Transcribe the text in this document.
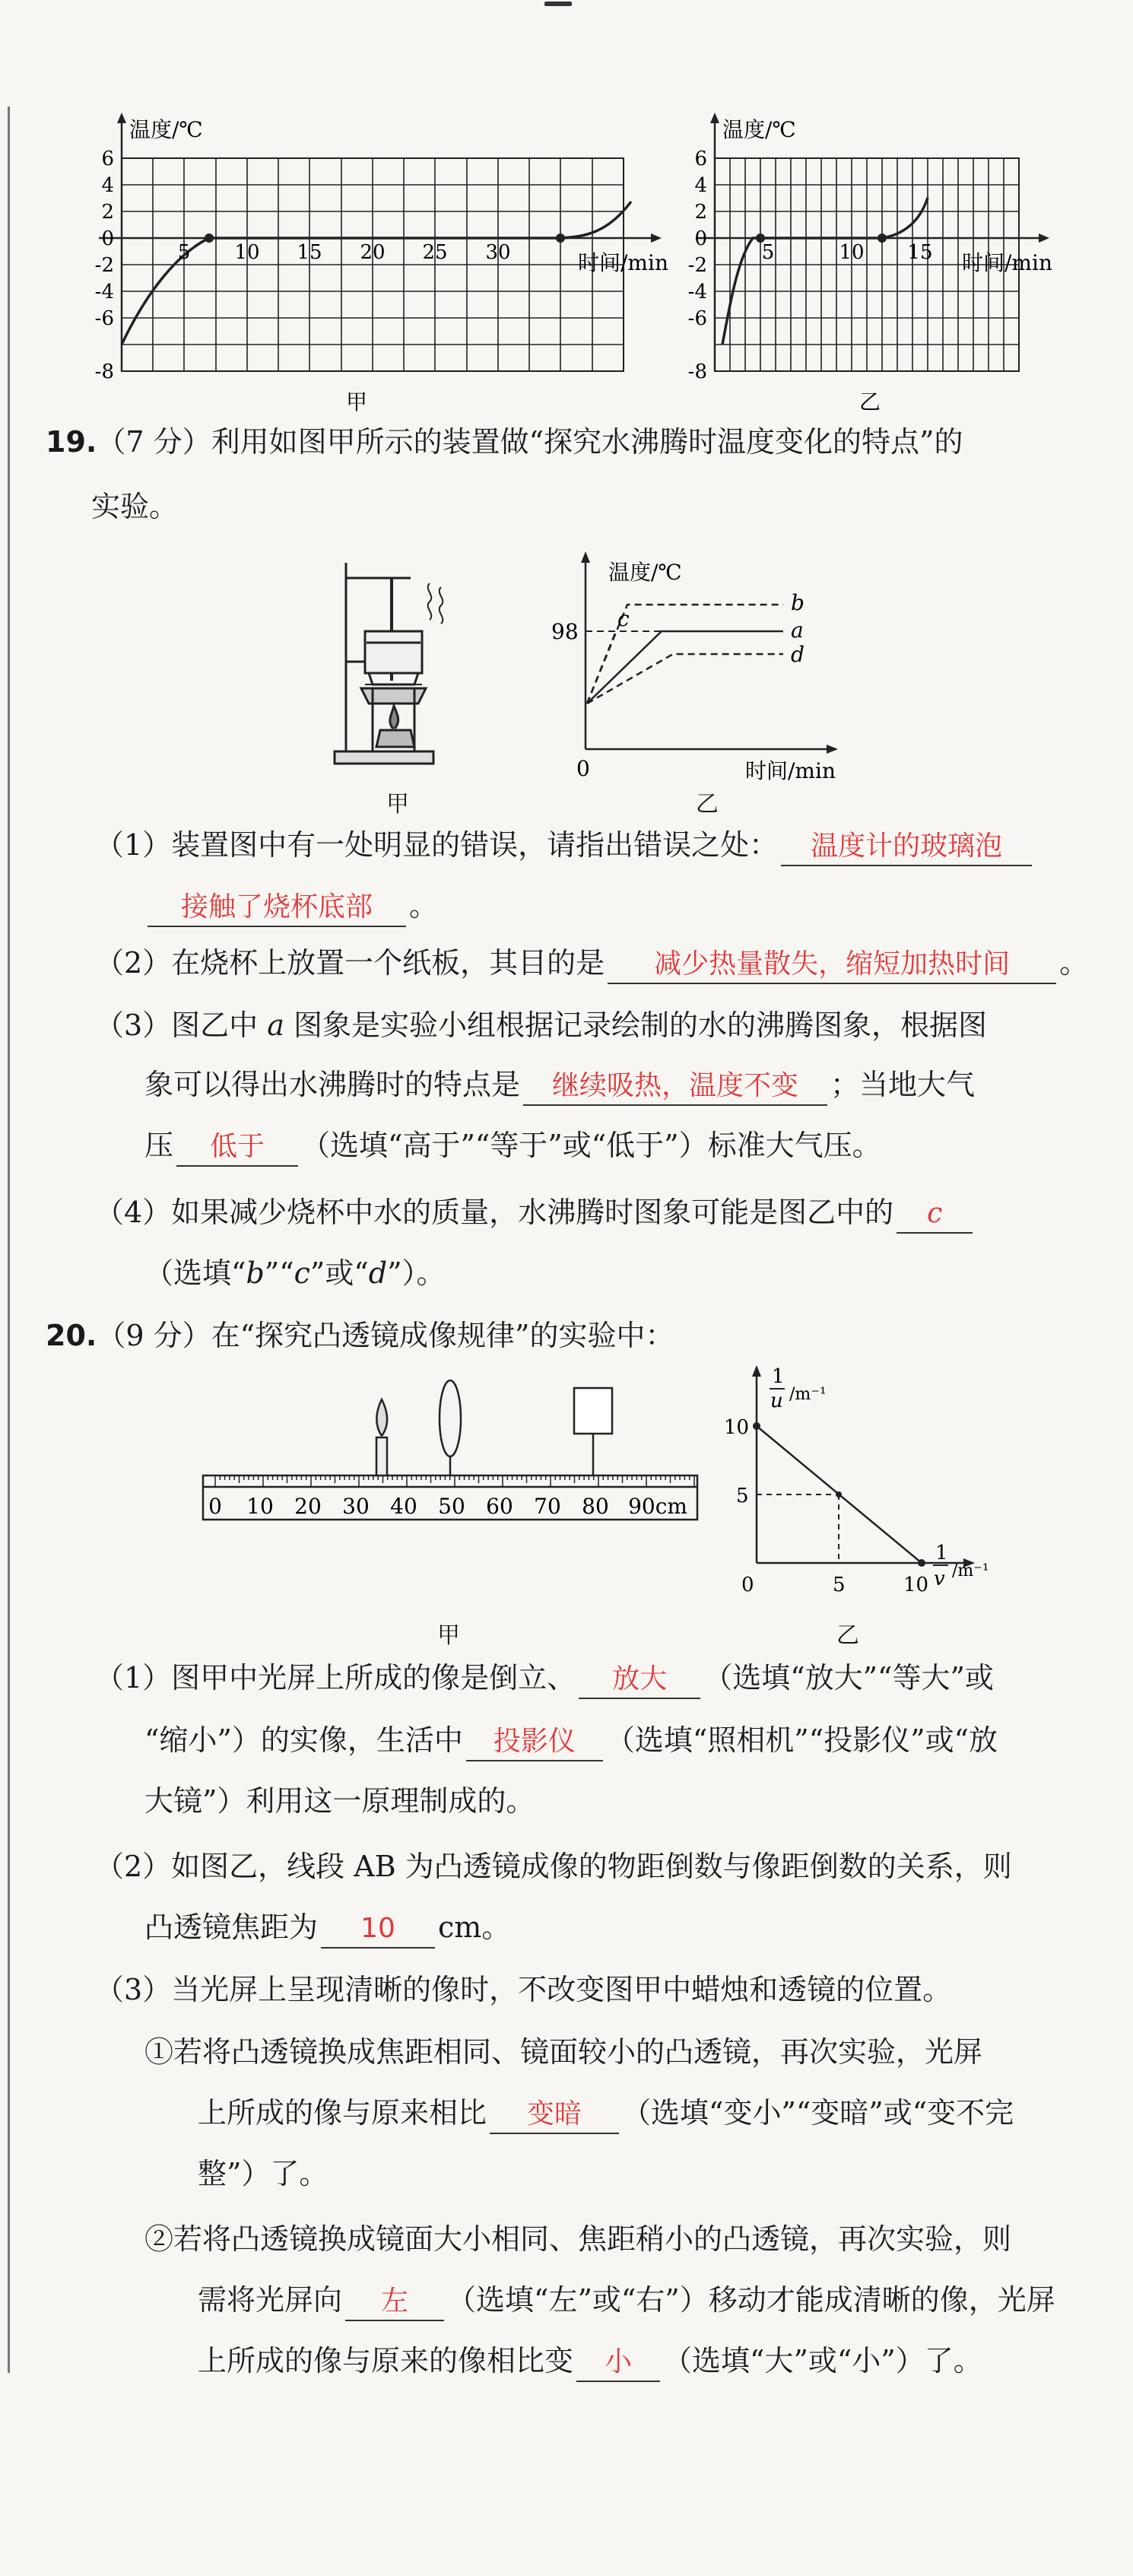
温度/℃
时间/min
6
4
2
0
-2
-4
-6
-8
5 10 15 20 25 30
甲
温度/℃
时间/min
6
4
2
0
-2
-4
-6
-8
5	10 15
乙
19.（7 分）利用如图甲所示的装置做“探究水沸腾时温度变化的特点”的
实验。
甲
温度/℃
时间/min
98
0
b
a
c
d
乙
（1）装置图中有一处明显的错误，请指出错误之处： 温度计的玻璃泡
接触了烧杯底部 。
（2）在烧杯上放置一个纸板，其目的是 减少热量散失，缩短加热时间 。
（3）图乙中 a 图象是实验小组根据记录绘制的水的沸腾图象，根据图
象可以得出水沸腾时的特点是 继续吸热，温度不变 ；当地大气
压 低于 （选填“高于”“等于”或“低于”）标准大气压。
（4）如果减少烧杯中水的质量，水沸腾时图象可能是图乙中的 c
（选填“b”“c”或“d”）。
20.（9 分）在“探究凸透镜成像规律”的实验中：
0 10 20 30 40 50 60 70 80 90cm
甲
1
u /m⁻¹
1
v /m⁻¹
10
5
5	10
0
乙
（1）图甲中光屏上所成的像是倒立、 放大 （选填“放大”“等大”或
“缩小”）的实像，生活中 投影仪 （选填“照相机”“投影仪”或“放
大镜”）利用这一原理制成的。
（2）如图乙，线段 AB 为凸透镜成像的物距倒数与像距倒数的关系，则
凸透镜焦距为 10 cm。
（3）当光屏上呈现清晰的像时，不改变图甲中蜡烛和透镜的位置。
①若将凸透镜换成焦距相同、镜面较小的凸透镜，再次实验，光屏
上所成的像与原来相比 变暗 （选填“变小”“变暗”或“变不完
整”）了。
②若将凸透镜换成镜面大小相同、焦距稍小的凸透镜，再次实验，则
需将光屏向 左 （选填“左”或“右”）移动才能成清晰的像，光屏
上所成的像与原来的像相比变 小 （选填“大”或“小”）了。
